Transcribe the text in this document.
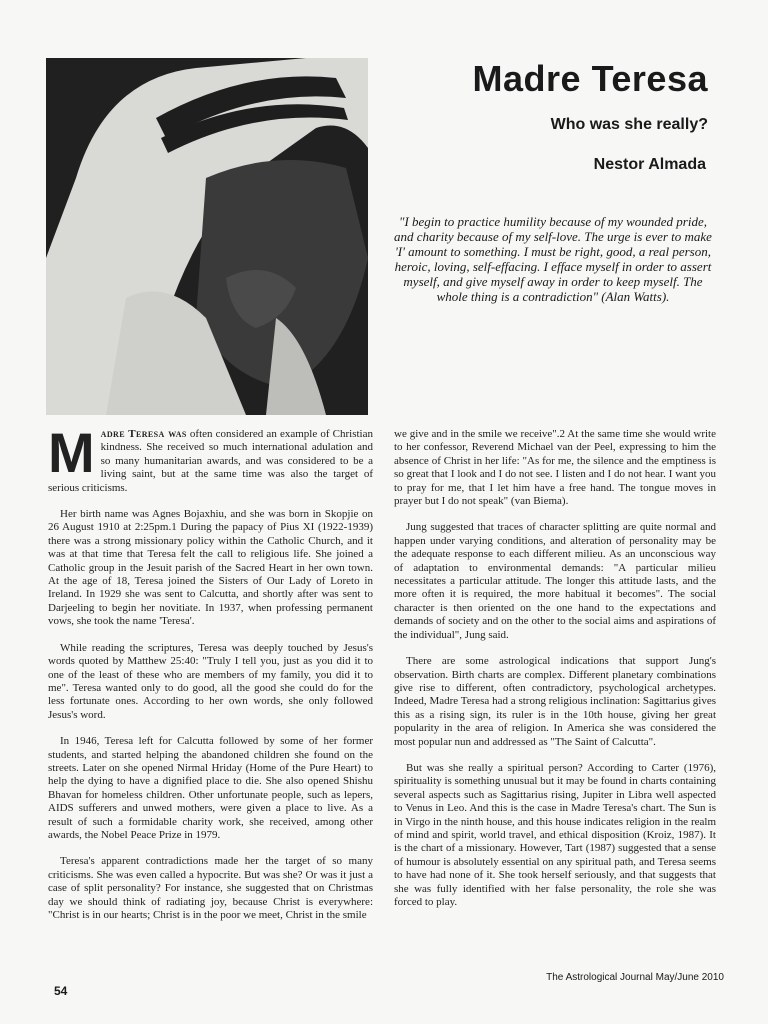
Madre Teresa
Who was she really?

Nestor Almada

"I begin to practice humility because of my wounded pride, and charity because of my self-love. The urge is ever to make 'I' amount to something. I must be right, good, a real person, heroic, loving, self-effacing. I efface myself in order to assert myself, and give myself away in order to keep myself. The whole thing is a contradiction" (Alan Watts).

Madre Teresa was often considered an example of Christian kindness. She received so much international adulation and so many humanitarian awards, and was considered to be a living saint, but at the same time was also the target of serious criticisms.

Her birth name was Agnes Bojaxhiu, and she was born in Skopjie on 26 August 1910 at 2:25pm.1 During the papacy of Pius XI (1922-1939) there was a strong missionary policy within the Catholic Church, and it was at that time that Teresa felt the call to religious life. She joined a Catholic group in the Jesuit parish of the Sacred Heart in her own town. At the age of 18, Teresa joined the Sisters of Our Lady of Loreto in Ireland. In 1929 she was sent to Calcutta, and shortly after was sent to Darjeeling to begin her novitiate. In 1937, when professing permanent vows, she took the name 'Teresa'.

While reading the scriptures, Teresa was deeply touched by Jesus's words quoted by Matthew 25:40: "Truly I tell you, just as you did it to one of the least of these who are members of my family, you did it to me". Teresa wanted only to do good, all the good she could do for the less fortunate ones. According to her own words, she only followed Jesus's word.

In 1946, Teresa left for Calcutta followed by some of her former students, and started helping the abandoned children she found on the streets. Later on she opened Nirmal Hriday (Home of the Pure Heart) to help the dying to have a dignified place to die. She also opened Shishu Bhavan for homeless children. Other unfortunate people, such as lepers, AIDS sufferers and unwed mothers, were given a place to live. As a result of such a formidable charity work, she received, among other awards, the Nobel Peace Prize in 1979.

Teresa's apparent contradictions made her the target of so many criticisms. She was even called a hypocrite. But was she? Or was it just a case of split personality? For instance, she suggested that on Christmas day we should think of radiating joy, because Christ is everywhere: "Christ is in our hearts; Christ is in the poor we meet, Christ in the smile

we give and in the smile we receive".2 At the same time she would write to her confessor, Reverend Michael van der Peel, expressing to him the absence of Christ in her life: "As for me, the silence and the emptiness is so great that I look and I do not see. I listen and I do not hear. I want you to pray for me, that I let him have a free hand. The tongue moves in prayer but I do not speak" (van Biema).

Jung suggested that traces of character splitting are quite normal and happen under varying conditions, and alteration of personality may be the adequate response to each different milieu. As an unconscious way of adaptation to environmental demands: "A particular milieu necessitates a particular attitude. The longer this attitude lasts, and the more often it is required, the more habitual it becomes". The social character is then oriented on the one hand to the expectations and demands of society and on the other to the social aims and aspirations of the individual", Jung said.

There are some astrological indications that support Jung's observation. Birth charts are complex. Different planetary combinations give rise to different, often contradictory, psychological archetypes. Indeed, Madre Teresa had a strong religious inclination: Sagittarius gives this as a rising sign, its ruler is in the 10th house, giving her great popularity in the area of religion. In America she was considered the most popular nun and addressed as "The Saint of Calcutta".

But was she really a spiritual person? According to Carter (1976), spirituality is something unusual but it may be found in charts containing several aspects such as Sagittarius rising, Jupiter in Libra well aspected to Venus in Leo. And this is the case in Madre Teresa's chart. The Sun is in Virgo in the ninth house, and this house indicates religion in the realm of mind and spirit, world travel, and ethical disposition (Kroiz, 1987). It is the chart of a missionary. However, Tart (1987) suggested that a sense of humour is absolutely essential on any spiritual path, and Teresa seems to have had none of it. She took herself seriously, and that suggests that she was fully identified with her false personality, the role she was forced to play.

54

The Astrological Journal May/June 2010
